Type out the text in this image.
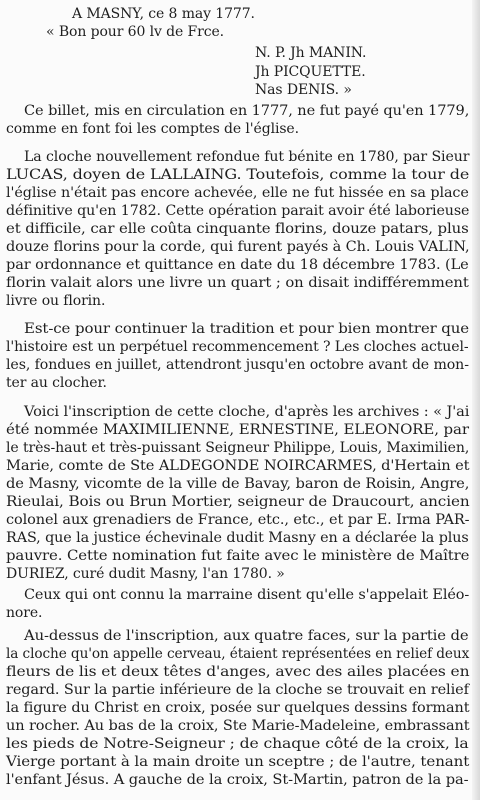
A MASNY, ce 8 may 1777.
« Bon pour 60 lv de Frce.
N. P. Jh MANIN.
Jh PICQUETTE.
Nas DENIS. »
Ce billet, mis en circulation en 1777, ne fut payé qu'en 1779,
comme en font foi les comptes de l'église.
La cloche nouvellement refondue fut bénite en 1780, par Sieur
LUCAS, doyen de LALLAING. Toutefois, comme la tour de
l'église n'était pas encore achevée, elle ne fut hissée en sa place
définitive qu'en 1782. Cette opération parait avoir été laborieuse
et difficile, car elle coûta cinquante florins, douze patars, plus
douze florins pour la corde, qui furent payés à Ch. Louis VALIN,
par ordonnance et quittance en date du 18 décembre 1783. (Le
florin valait alors une livre un quart ; on disait indifféremment
livre ou florin.
Est-ce pour continuer la tradition et pour bien montrer que
l'histoire est un perpétuel recommencement ? Les cloches actuel-
les, fondues en juillet, attendront jusqu'en octobre avant de mon-
ter au clocher.
Voici l'inscription de cette cloche, d'après les archives : « J'ai
été nommée MAXIMILIENNE, ERNESTINE, ELEONORE, par
le très-haut et très-puissant Seigneur Philippe, Louis, Maximilien,
Marie, comte de Ste ALDEGONDE NOIRCARMES, d'Hertain et
de Masny, vicomte de la ville de Bavay, baron de Roisin, Angre,
Rieulai, Bois ou Brun Mortier, seigneur de Draucourt, ancien
colonel aux grenadiers de France, etc., etc., et par E. Irma PAR-
RAS, que la justice échevinale dudit Masny en a déclarée la plus
pauvre. Cette nomination fut faite avec le ministère de Maître
DURIEZ, curé dudit Masny, l'an 1780. »
Ceux qui ont connu la marraine disent qu'elle s'appelait Eléo-
nore.
Au-dessus de l'inscription, aux quatre faces, sur la partie de
la cloche qu'on appelle cerveau, étaient représentées en relief deux
fleurs de lis et deux têtes d'anges, avec des ailes placées en
regard. Sur la partie inférieure de la cloche se trouvait en relief
la figure du Christ en croix, posée sur quelques dessins formant
un rocher. Au bas de la croix, Ste Marie-Madeleine, embrassant
les pieds de Notre-Seigneur ; de chaque côté de la croix, la
Vierge portant à la main droite un sceptre ; de l'autre, tenant
l'enfant Jésus. A gauche de la croix, St-Martin, patron de la pa-
